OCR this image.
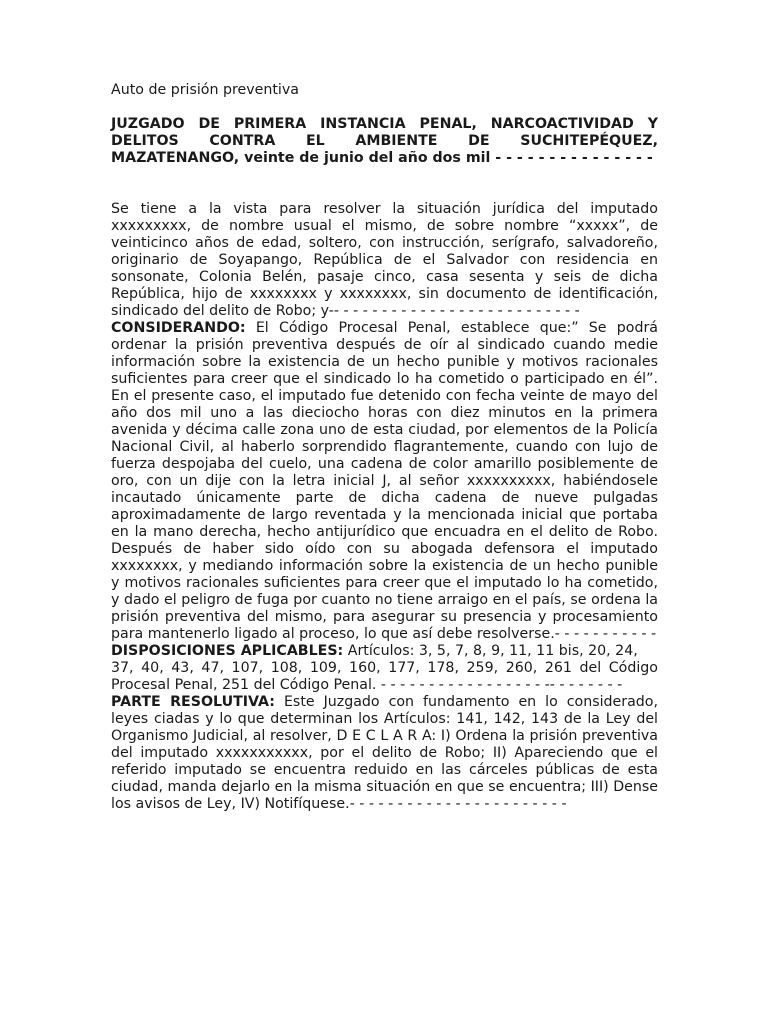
Auto de prisión preventiva

JUZGADO DE PRIMERA INSTANCIA PENAL, NARCOACTIVIDAD Y DELITOS CONTRA EL AMBIENTE DE SUCHITEPÉQUEZ, MAZATENANGO, veinte de junio del año dos mil - - - - - - - - - - - - - - -

Se tiene a la vista para resolver la situación jurídica del imputado xxxxxxxxx, de nombre usual el mismo, de sobre nombre “xxxxx”, de veinticinco años de edad, soltero, con instrucción, serígrafo, salvadoreño, originario de Soyapango, República de el Salvador con residencia en sonsonate, Colonia Belén, pasaje cinco, casa sesenta y seis de dicha República, hijo de xxxxxxxx y xxxxxxxx, sin documento de identificación, sindicado del delito de Robo; y-- - - - - - - - - - - - - - - - - - - - - - - - - -

CONSIDERANDO: El Código Procesal Penal, establece que:” Se podrá ordenar la prisión preventiva después de oír al sindicado cuando medie información sobre la existencia de un hecho punible y motivos racionales suficientes para creer que el sindicado lo ha cometido o participado en él”. En el presente caso, el imputado fue detenido con fecha veinte de mayo del año dos mil uno a las dieciocho horas con diez minutos en la primera avenida y décima calle zona uno de esta ciudad, por elementos de la Policía Nacional Civil, al haberlo sorprendido flagrantemente, cuando con lujo de fuerza despojaba del cuelo, una cadena de color amarillo posiblemente de oro, con un dije con la letra inicial J, al señor xxxxxxxxxx, habiéndosele incautado únicamente parte de dicha cadena de nueve pulgadas aproximadamente de largo reventada y la mencionada inicial que portaba en la mano derecha, hecho antijurídico que encuadra en el delito de Robo. Después de haber sido oído con su abogada defensora el imputado xxxxxxxx, y mediando información sobre la existencia de un hecho punible y motivos racionales suficientes para creer que el imputado lo ha cometido, y dado el peligro de fuga por cuanto no tiene arraigo en el país, se ordena la prisión preventiva del mismo, para asegurar su presencia y procesamiento para mantenerlo ligado al proceso, lo que así debe resolverse.- - - - - - - - - - -

DISPOSICIONES APLICABLES: Artículos: 3, 5, 7, 8, 9, 11, 11 bis, 20, 24,
37, 40, 43, 47, 107, 108, 109, 160, 177, 178, 259, 260, 261 del Código Procesal Penal, 251 del Código Penal. - - - - - - - - - - - - - - - - - -- - - - - - - -

PARTE RESOLUTIVA: Este Juzgado con fundamento en lo considerado, leyes ciadas y lo que determinan los Artículos: 141, 142, 143 de la Ley del Organismo Judicial, al resolver, D E C L A R A: I) Ordena la prisión preventiva del imputado xxxxxxxxxxx, por el delito de Robo; II) Apareciendo que el referido imputado se encuentra reduido en las cárceles públicas de esta ciudad, manda dejarlo en la misma situación en que se encuentra; III) Dense los avisos de Ley, IV) Notifíquese.- - - - - - - - - - - - - - - - - - - - - - -
